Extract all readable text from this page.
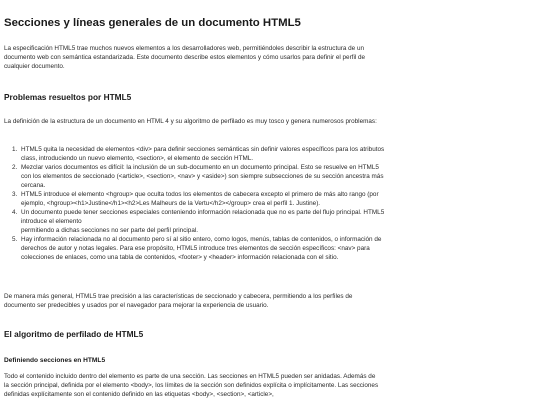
Secciones y líneas generales de un documento HTML5

La especificación HTML5 trae muchos nuevos elementos a los desarrolladores web, permitiéndoles describir la estructura de un documento web con semántica estandarizada. Este documento describe estos elementos y cómo usarlos para definir el perfil de cualquier documento.

Problemas resueltos por HTML5

La definición de la estructura de un documento en HTML 4 y su algoritmo de perfilado es muy tosco y genera numerosos problemas:

1. HTML5 quita la necesidad de elementos <div> para definir secciones semánticas sin definir valores específicos para los atributos class, introduciendo un nuevo elemento, <section>, el elemento de sección HTML.
2. Mezclar varios documentos es difícil: la inclusión de un sub-documento en un documento principal. Esto se resuelve en HTML5 con los elementos de seccionado (<article>, <section>, <nav> y <aside>) son siempre subsecciones de su sección ancestra más cercana.
3. HTML5 introduce el elemento <hgroup> que oculta todos los elementos de cabecera excepto el primero de más alto rango (por ejemplo, <hgroup><h1>Justine</h1><h2>Les Malheurs de la Vertu</h2></group> crea el perfil 1. Justine).
4. Un documento puede tener secciones especiales conteniendo información relacionada que no es parte del flujo principal. HTML5 introduce el elemento
permitiendo a dichas secciones no ser parte del perfil principal.
5. Hay información relacionada no al documento pero sí al sitio entero, como logos, menús, tablas de contenidos, o información de derechos de autor y notas legales. Para ese propósito, HTML5 introduce tres elementos de sección específicos: <nav> para colecciones de enlaces, como una tabla de contenidos, <footer> y <header> información relacionada con el sitio.

De manera más general, HTML5 trae precisión a las características de seccionado y cabecera, permitiendo a los perfiles de documento ser predecibles y usados por el navegador para mejorar la experiencia de usuario.

El algoritmo de perfilado de HTML5
Definiendo secciones en HTML5

Todo el contenido incluido dentro del elemento es parte de una sección. Las secciones en HTML5 pueden ser anidadas. Además de la sección principal, definida por el elemento <body>, los límites de la sección son definidos explícita o implícitamente. Las secciones definidas explícitamente son el contenido definido en las etiquetas <body>, <section>, <article>,
